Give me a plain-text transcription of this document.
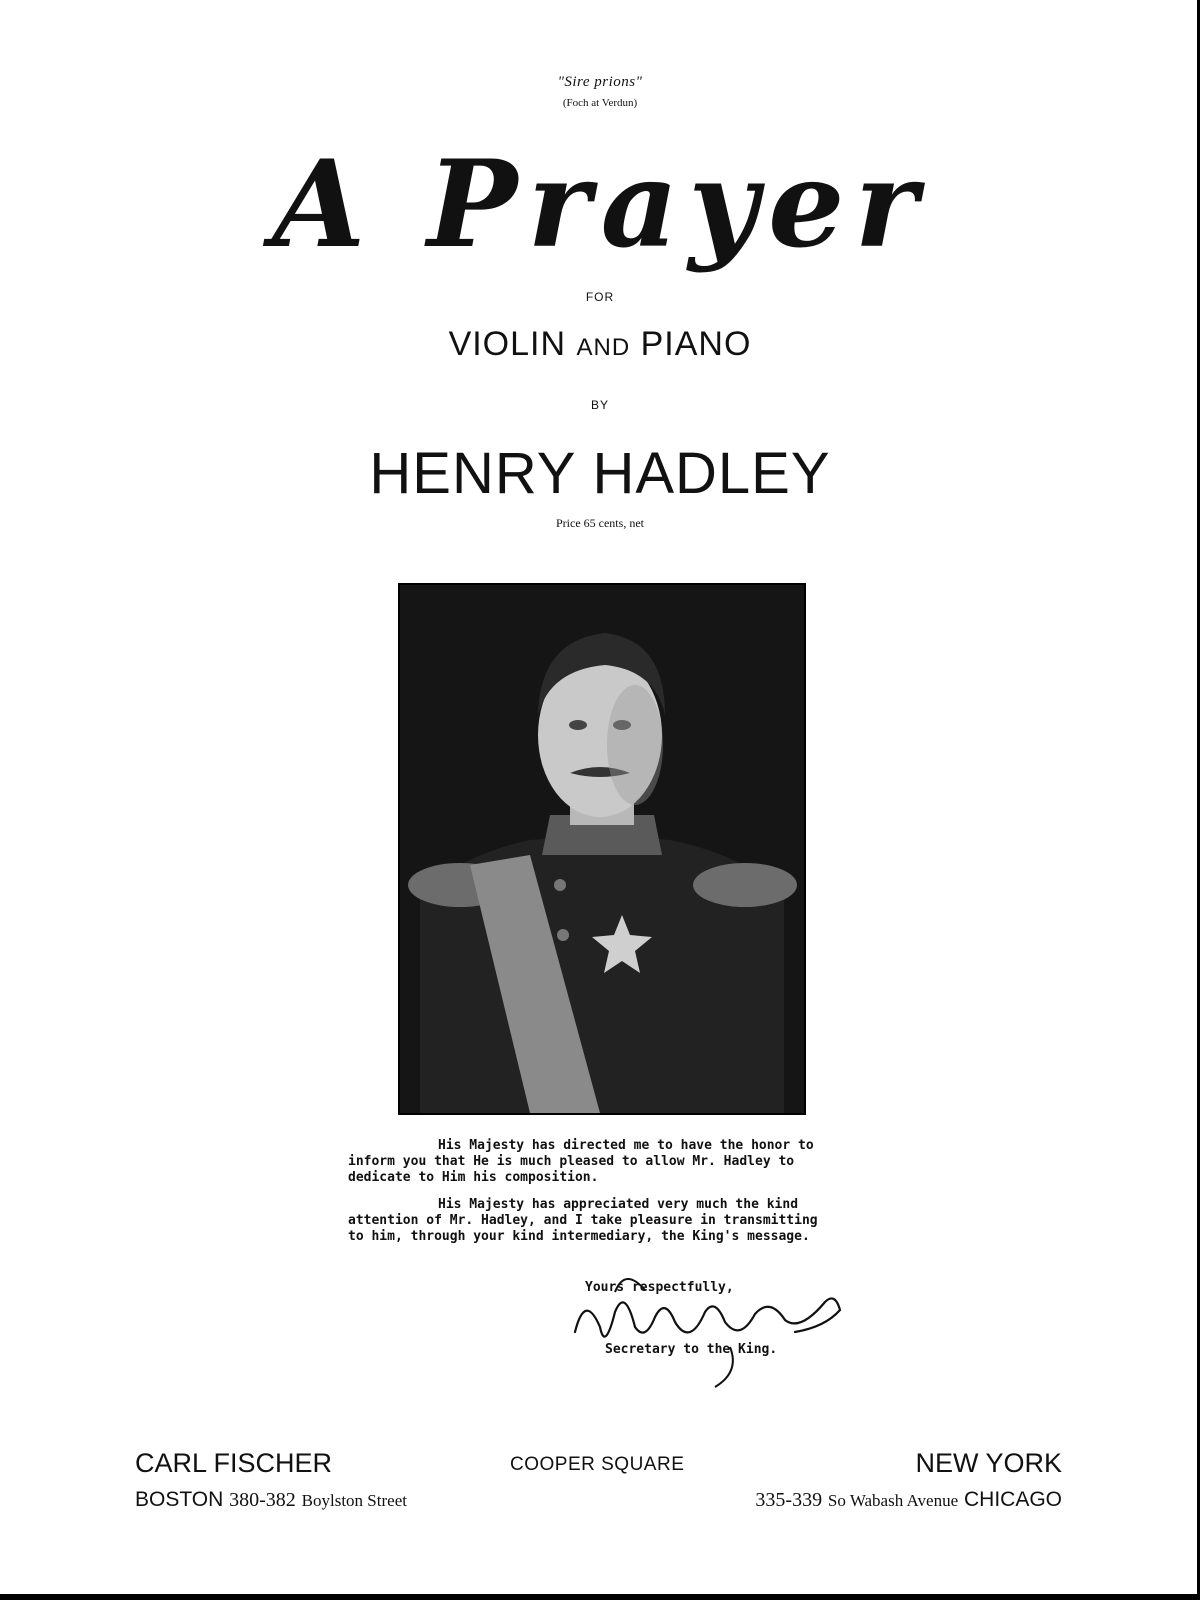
"Sire prions"
(Foch at Verdun)
A Prayer
FOR
VIOLIN AND PIANO
BY
HENRY HADLEY
Price 65 cents, net

His Majesty has directed me to have the honor to inform you that He is much pleased to allow Mr. Hadley to dedicate to Him his composition.

His Majesty has appreciated very much the kind attention of Mr. Hadley, and I take pleasure in transmitting to him, through your kind intermediary, the King's message.

Yours respectfully,
Secretary to the King.
CARL FISCHER	COOPER SQUARE	NEW YORK
BOSTON 380-382 Boylston Street	335-339 So Wabash Avenue CHICAGO
